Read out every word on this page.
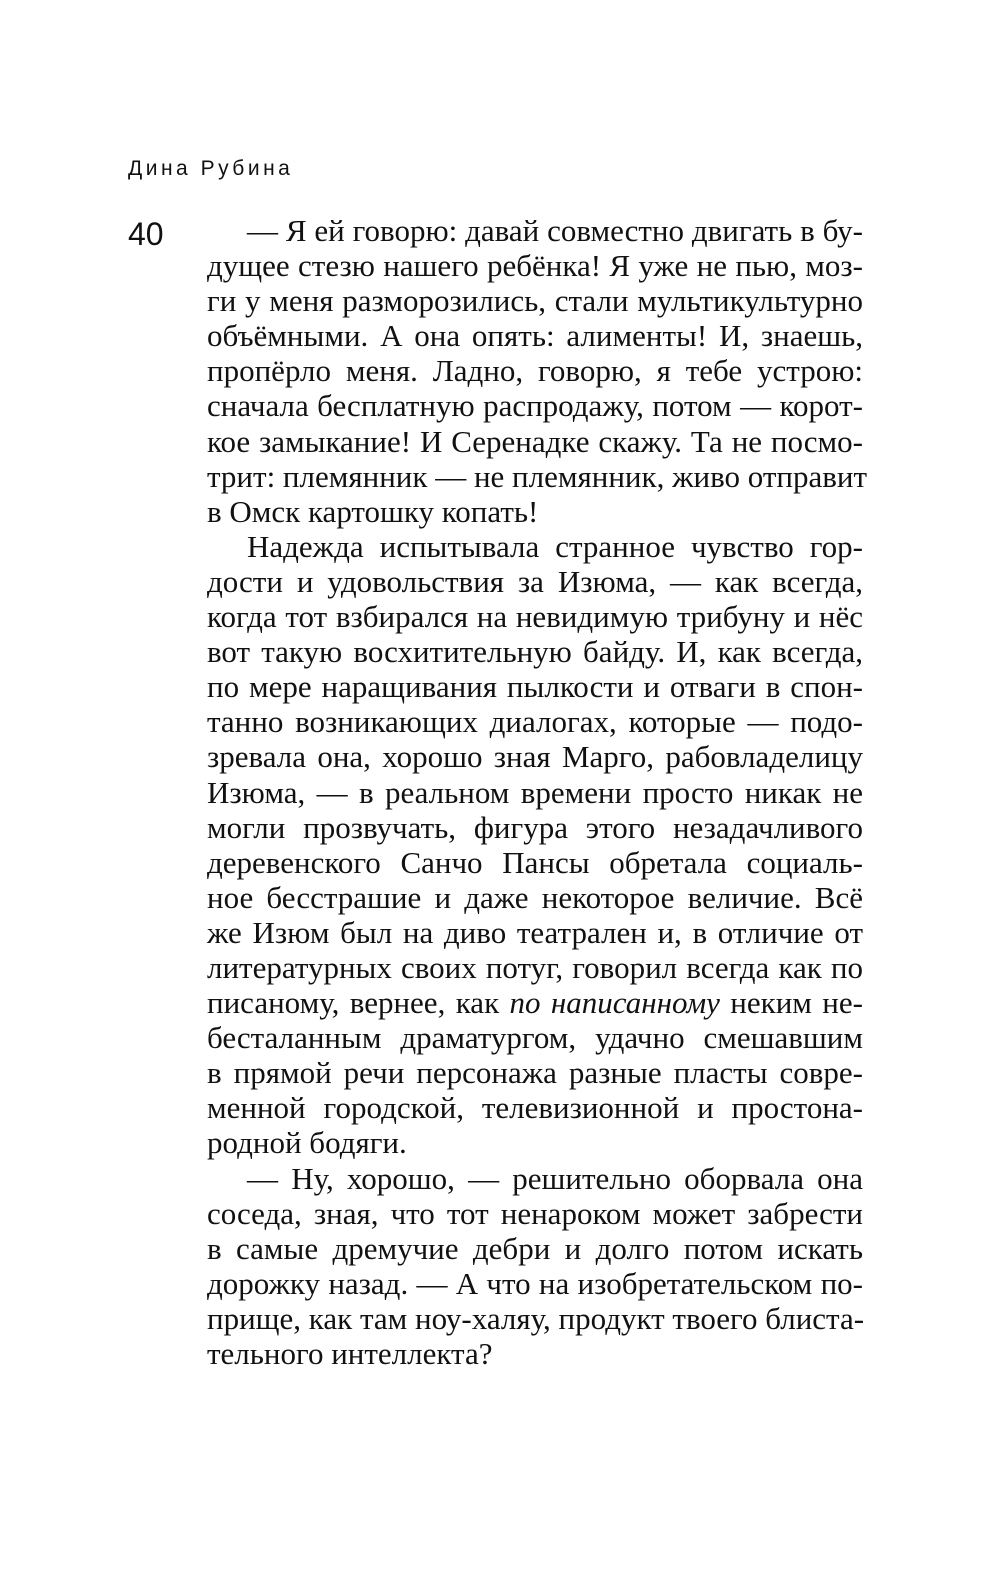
Дина Рубина
40	— Я ей говорю: давай совместно двигать в бу-
дущее стезю нашего ребёнка! Я уже не пью, моз-
ги у меня разморозились, стали мультикультурно
объёмными. А она опять: алименты! И, знаешь,
пропёрло меня. Ладно, говорю, я тебе устрою:
сначала бесплатную распродажу, потом — корот-
кое замыкание! И Серенадке скажу. Та не посмо-
трит: племянник — не племянник, живо отправит
в Омск картошку копать!
Надежда испытывала странное чувство гор-
дости и удовольствия за Изюма, — как всегда,
когда тот взбирался на невидимую трибуну и нёс
вот такую восхитительную байду. И, как всегда,
по мере наращивания пылкости и отваги в спон-
танно возникающих диалогах, которые — подо-
зревала она, хорошо зная Марго, рабовладелицу
Изюма, — в реальном времени просто никак не
могли прозвучать, фигура этого незадачливого
деревенского Санчо Пансы обретала социаль-
ное бесстрашие и даже некоторое величие. Всё
же Изюм был на диво театрален и, в отличие от
литературных своих потуг, говорил всегда как по
писаному, вернее, как по написанному неким не-
бесталанным драматургом, удачно смешавшим
в прямой речи персонажа разные пласты совре-
менной городской, телевизионной и простона-
родной бодяги.
— Ну, хорошо, — решительно оборвала она
соседа, зная, что тот ненароком может забрести
в самые дремучие дебри и долго потом искать
дорожку назад. — А что на изобретательском по-
прище, как там ноу-халяу, продукт твоего блиста-
тельного интеллекта?
